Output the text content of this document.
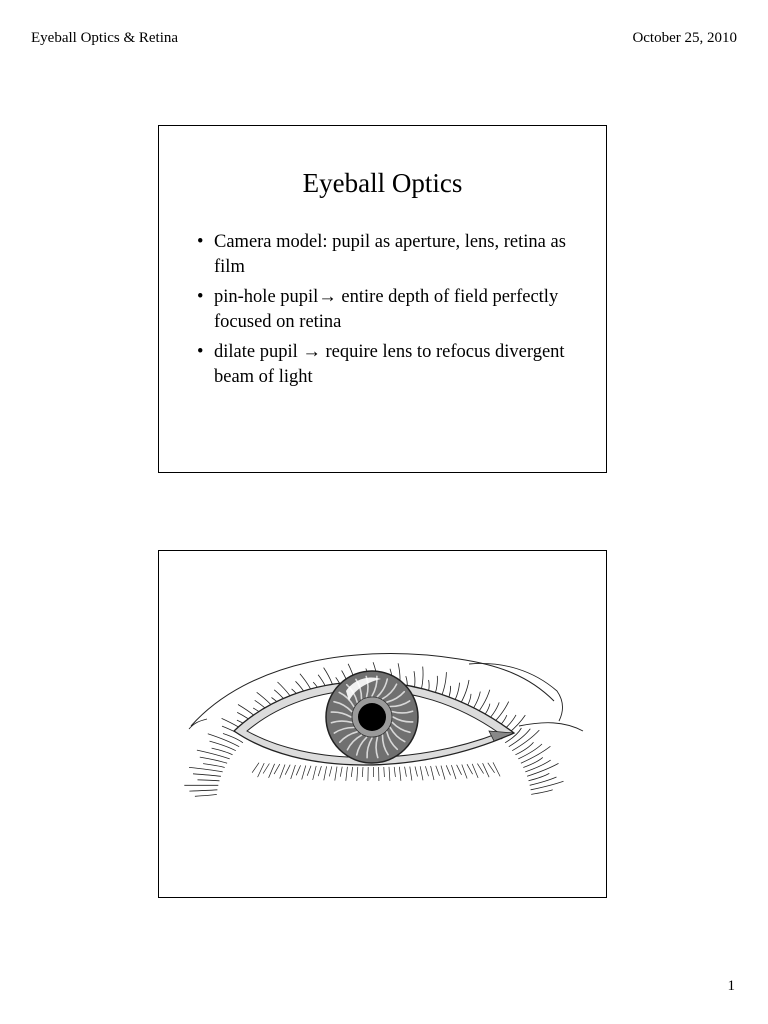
Eyeball Optics & Retina	October 25, 2010
Eyeball Optics
• Camera model: pupil as aperture, lens, retina as film
• pin-hole pupil→ entire depth of field perfectly focused on retina
• dilate pupil → require lens to refocus divergent beam of light
1
